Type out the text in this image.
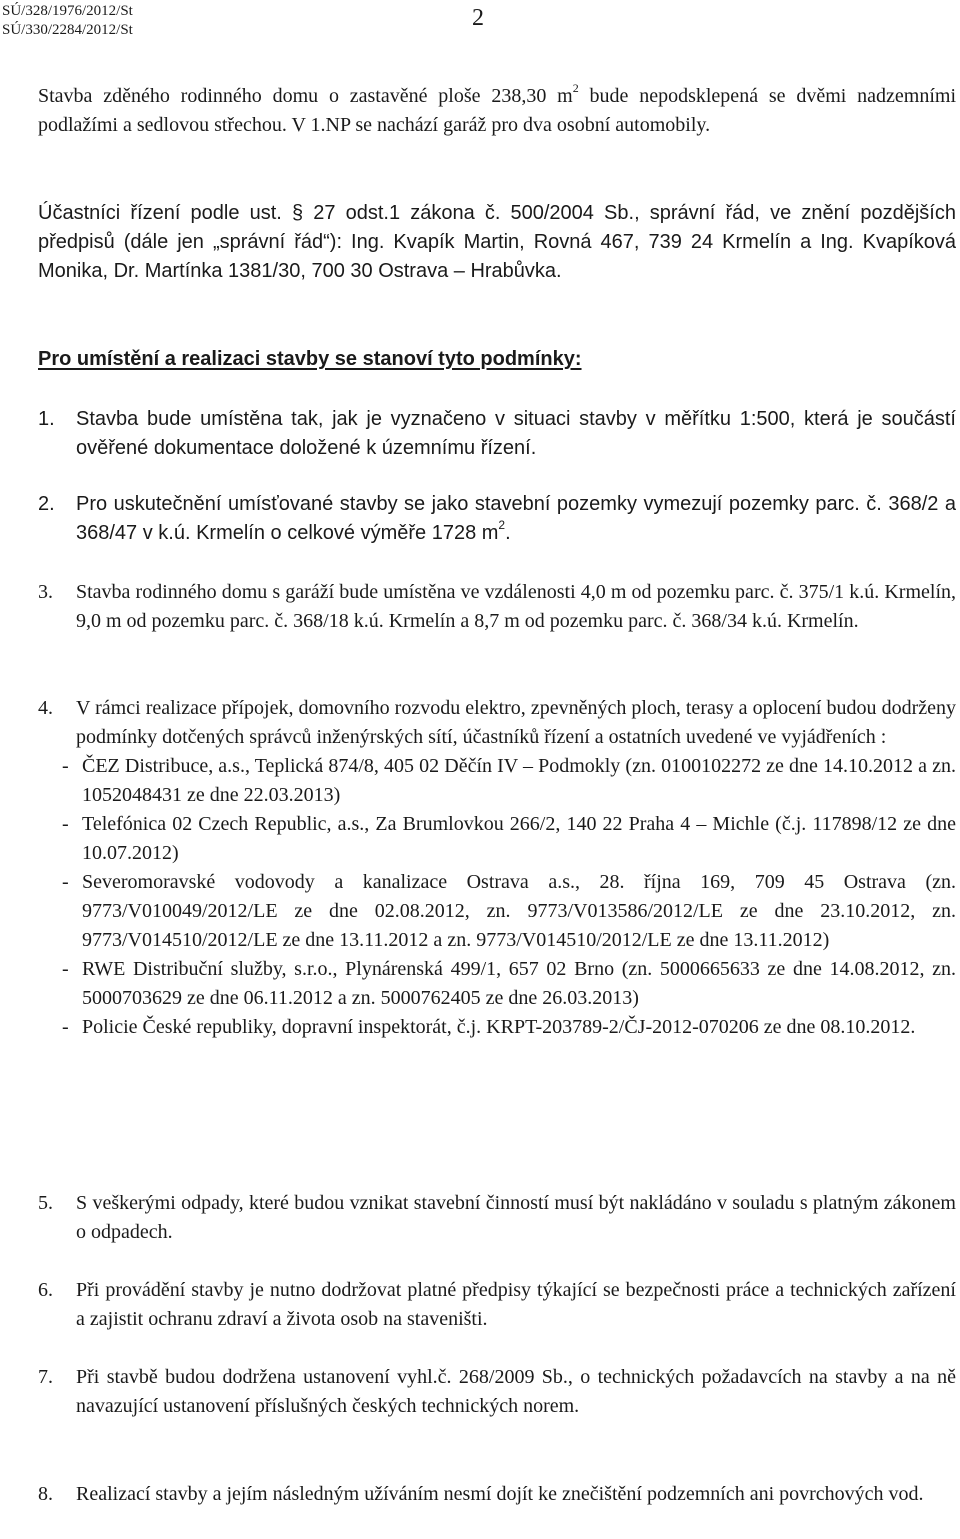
SÚ/328/1976/2012/St
SÚ/330/2284/2012/St	2

Stavba zděného rodinného domu o zastavěné ploše 238,30 $m^2$ bude nepodsklepená se dvěmi nadzemními podlažími a sedlovou střechou. V 1.NP se nachází garáž pro dva osobní automobily.

Účastníci řízení podle ust. § 27 odst.1 zákona č. 500/2004 Sb., správní řád, ve znění pozdějších předpisů (dále jen „správní řád“): Ing. Kvapík Martin, Rovná 467, 739 24 Krmelín a Ing. Kvapíková Monika, Dr. Martínka 1381/30, 700 30 Ostrava – Hrabůvka.

Pro umístění a realizaci stavby se stanoví tyto podmínky:

1.	Stavba bude umístěna tak, jak je vyznačeno v situaci stavby v měřítku 1:500, která je součástí ověřené dokumentace doložené k územnímu řízení.
2.	Pro uskutečnění umísťované stavby se jako stavební pozemky vymezují pozemky parc. č. 368/2 a 368/47 v k.ú. Krmelín o celkové výměře 1728 $m^2$.
3.	Stavba rodinného domu s garáží bude umístěna ve vzdálenosti 4,0 m od pozemku parc. č. 375/1 k.ú. Krmelín, 9,0 m od pozemku parc. č. 368/18 k.ú. Krmelín a 8,7 m od pozemku parc. č. 368/34 k.ú. Krmelín.
4.	V rámci realizace přípojek, domovního rozvodu elektro, zpevněných ploch, terasy a oplocení budou dodrženy podmínky dotčených správců inženýrských sítí, účastníků řízení a ostatních uvedené ve vyjádřeních :
- ČEZ Distribuce, a.s., Teplická 874/8, 405 02 Děčín IV – Podmokly (zn. 0100102272 ze dne 14.10.2012 a zn. 1052048431 ze dne 22.03.2013)
- Telefónica 02 Czech Republic, a.s., Za Brumlovkou 266/2, 140 22 Praha 4 – Michle (č.j. 117898/12 ze dne 10.07.2012)
- Severomoravské vodovody a kanalizace Ostrava a.s., 28. října 169, 709 45 Ostrava (zn. 9773/V010049/2012/LE ze dne 02.08.2012, zn. 9773/V013586/2012/LE ze dne 23.10.2012, zn. 9773/V014510/2012/LE ze dne 13.11.2012 a zn. 9773/V014510/2012/LE ze dne 13.11.2012)
- RWE Distribuční služby, s.r.o., Plynárenská 499/1, 657 02 Brno (zn. 5000665633 ze dne 14.08.2012, zn. 5000703629 ze dne 06.11.2012 a zn. 5000762405 ze dne 26.03.2013)
- Policie České republiky, dopravní inspektorát, č.j. KRPT-203789-2/ČJ-2012-070206 ze dne 08.10.2012.
5.	S veškerými odpady, které budou vznikat stavební činností musí být nakládáno v souladu s platným zákonem o odpadech.
6.	Při provádění stavby je nutno dodržovat platné předpisy týkající se bezpečnosti práce a technických zařízení a zajistit ochranu zdraví a života osob na staveništi.
7.	Při stavbě budou dodržena ustanovení vyhl.č. 268/2009 Sb., o technických požadavcích na stavby a na ně navazující ustanovení příslušných českých technických norem.
8.	Realizací stavby a jejím následným užíváním nesmí dojít ke znečištění podzemních ani povrchových vod.
